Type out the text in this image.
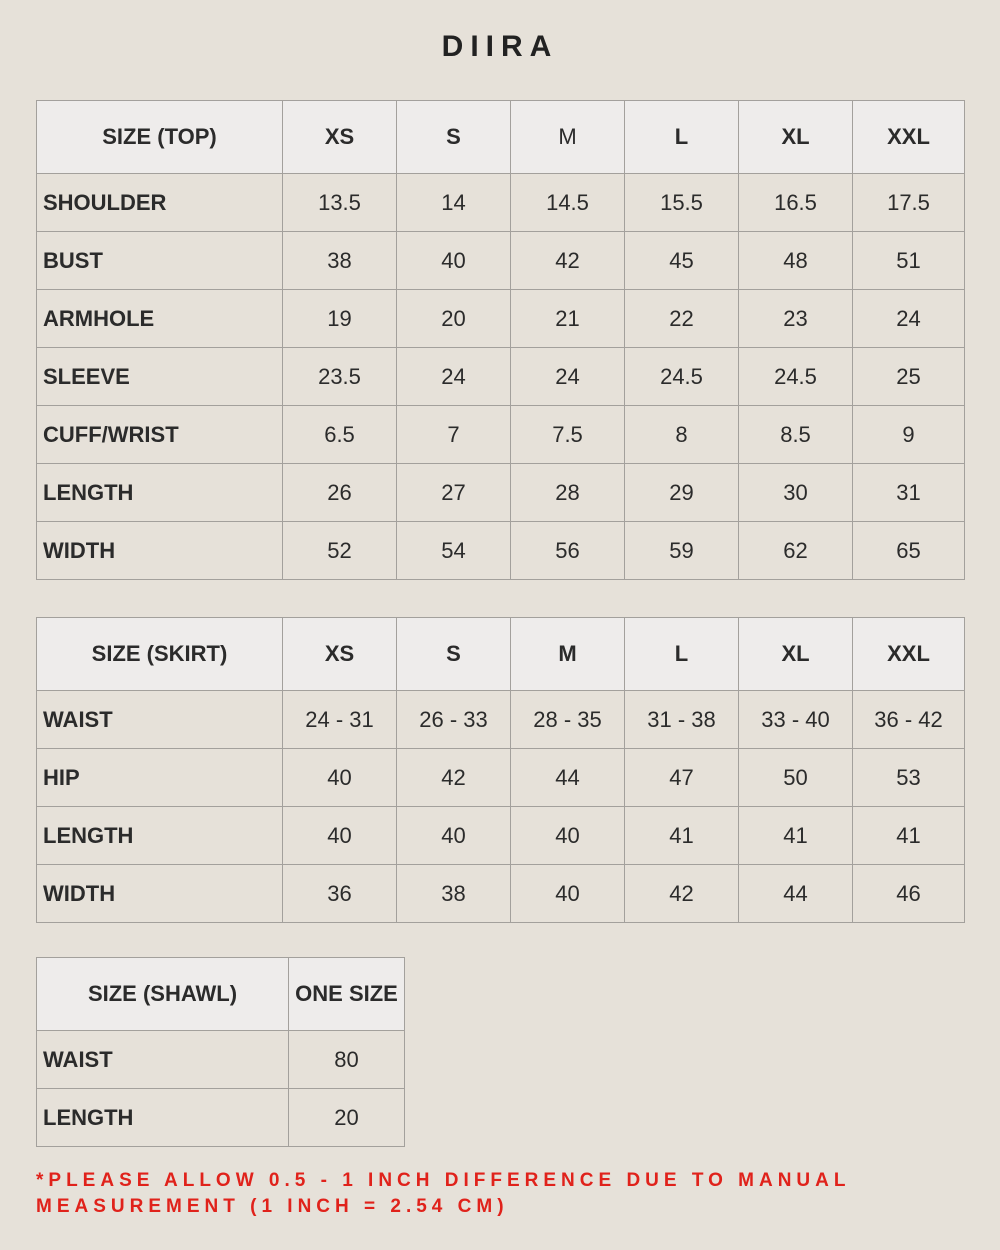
DIIRA
SIZE (TOP)	XS	S	M	L	XL	XXL
SHOULDER	13.5	14	14.5	15.5	16.5	17.5
BUST	38	40	42	45	48	51
ARMHOLE	19	20	21	22	23	24
SLEEVE	23.5	24	24	24.5	24.5	25
CUFF/WRIST	6.5	7	7.5	8	8.5	9
LENGTH	26	27	28	29	30	31
WIDTH	52	54	56	59	62	65
SIZE (SKIRT)	XS	S	M	L	XL	XXL
WAIST	24 - 31	26 - 33	28 - 35	31 - 38	33 - 40	36 - 42
HIP	40	42	44	47	50	53
LENGTH	40	40	40	41	41	41
WIDTH	36	38	40	42	44	46
SIZE (SHAWL)	ONE SIZE
WAIST	80
LENGTH	20
*PLEASE ALLOW 0.5 - 1 INCH DIFFERENCE DUE TO MANUAL
MEASUREMENT (1 INCH = 2.54 CM)
